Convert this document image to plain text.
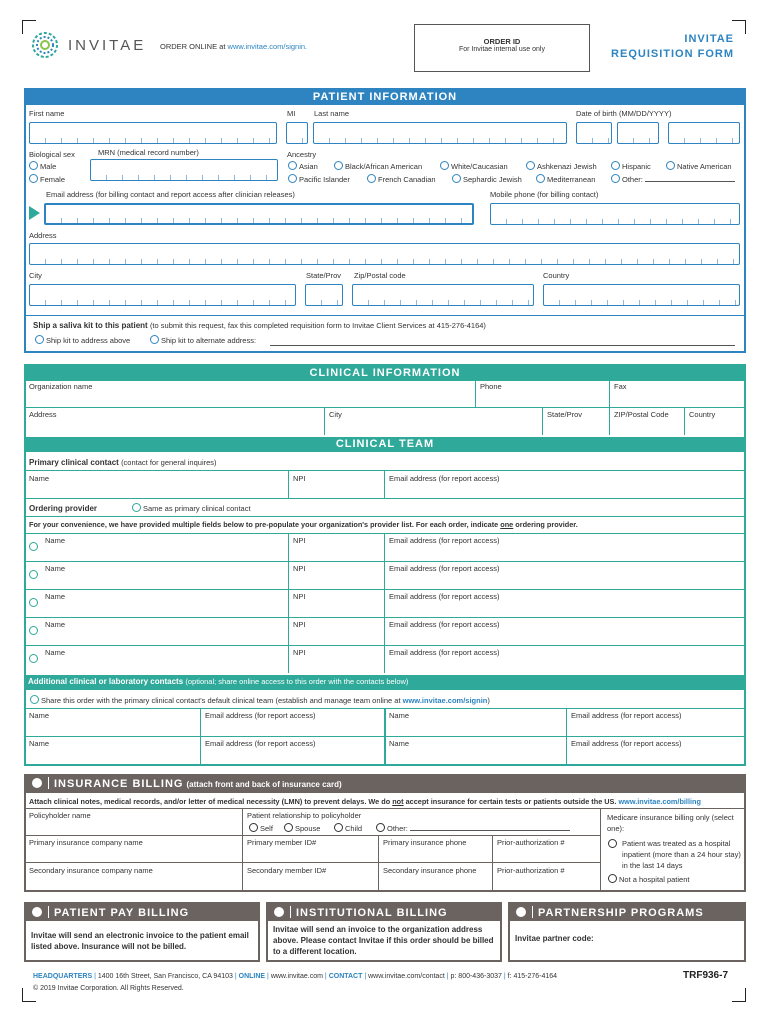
INVITAE ORDER ONLINE at www.invitae.com/signin.
ORDER ID
For Invitae internal use only
INVITAE
REQUISITION FORM
PATIENT INFORMATION
First name	MI Last name	Date of birth (MM/DD/YYYY)
Biological sex
Male
Female
MRN (medical record number)	Ancestry
Asian	Black/African American	White/Caucasian	Ashkenazi Jewish	Hispanic	Native American
Pacific Islander	French Canadian	Sephardic Jewish	Mediterranean	Other:
Email address (for billing contact and report access after clinician releases)	Mobile phone (for billing contact)
Address
City	State/Prov Zip/Postal code	Country
Ship a saliva kit to this patient (to submit this request, fax this completed requisition form to Invitae Client Services at 415-276-4164)
Ship kit to address above	Ship kit to alternate address:
CLINICAL INFORMATION
Organization name	Phone	Fax
Address	City	State/Prov	ZIP/Postal Code	Country
CLINICAL TEAM
Primary clinical contact (contact for general inquires)
Name	NPI	Email address (for report access)
Ordering provider	Same as primary clinical contact
For your convenience, we have provided multiple fields below to pre-populate your organization's provider list. For each order, indicate one ordering provider.
Name	NPI	Email address (for report access)
Name	NPI	Email address (for report access)
Name	NPI	Email address (for report access)
Name	NPI	Email address (for report access)
Name	NPI	Email address (for report access)
Additional clinical or laboratory contacts (optional; share online access to this order with the contacts below)
Share this order with the primary clinical contact's default clinical team (establish and manage team online at www.invitae.com/signin)
Name	Email address (for report access)	Name	Email address (for report access)
Name	Email address (for report access)	Name	Email address (for report access)
INSURANCE BILLING (attach front and back of insurance card)
Attach clinical notes, medical records, and/or letter of medical necessity (LMN) to prevent delays. We do not accept insurance for certain tests or patients outside the US. www.invitae.com/billing
Policyholder name	Patient relationship to policyholder
Self	Spouse	Child	Other:
Primary insurance company name	Primary member ID#	Primary insurance phone	Prior-authorization #
Secondary insurance company name	Secondary member ID#	Secondary insurance phone	Prior-authorization #
Medicare insurance billing only (select one):
Patient was treated as a hospital inpatient (more than a 24 hour stay) in the last 14 days
Not a hospital patient
PATIENT PAY BILLING
Invitae will send an electronic invoice to the patient email listed above. Insurance will not be billed.
INSTITUTIONAL BILLING
Invitae will send an invoice to the organization address above. Please contact Invitae if this order should be billed to a different location.
PARTNERSHIP PROGRAMS
Invitae partner code:
HEADQUARTERS | 1400 16th Street, San Francisco, CA 94103 | ONLINE | www.invitae.com | CONTACT | www.invitae.com/contact | p: 800-436-3037 | f: 415-276-4164	TRF936-7
© 2019 Invitae Corporation. All Rights Reserved.
